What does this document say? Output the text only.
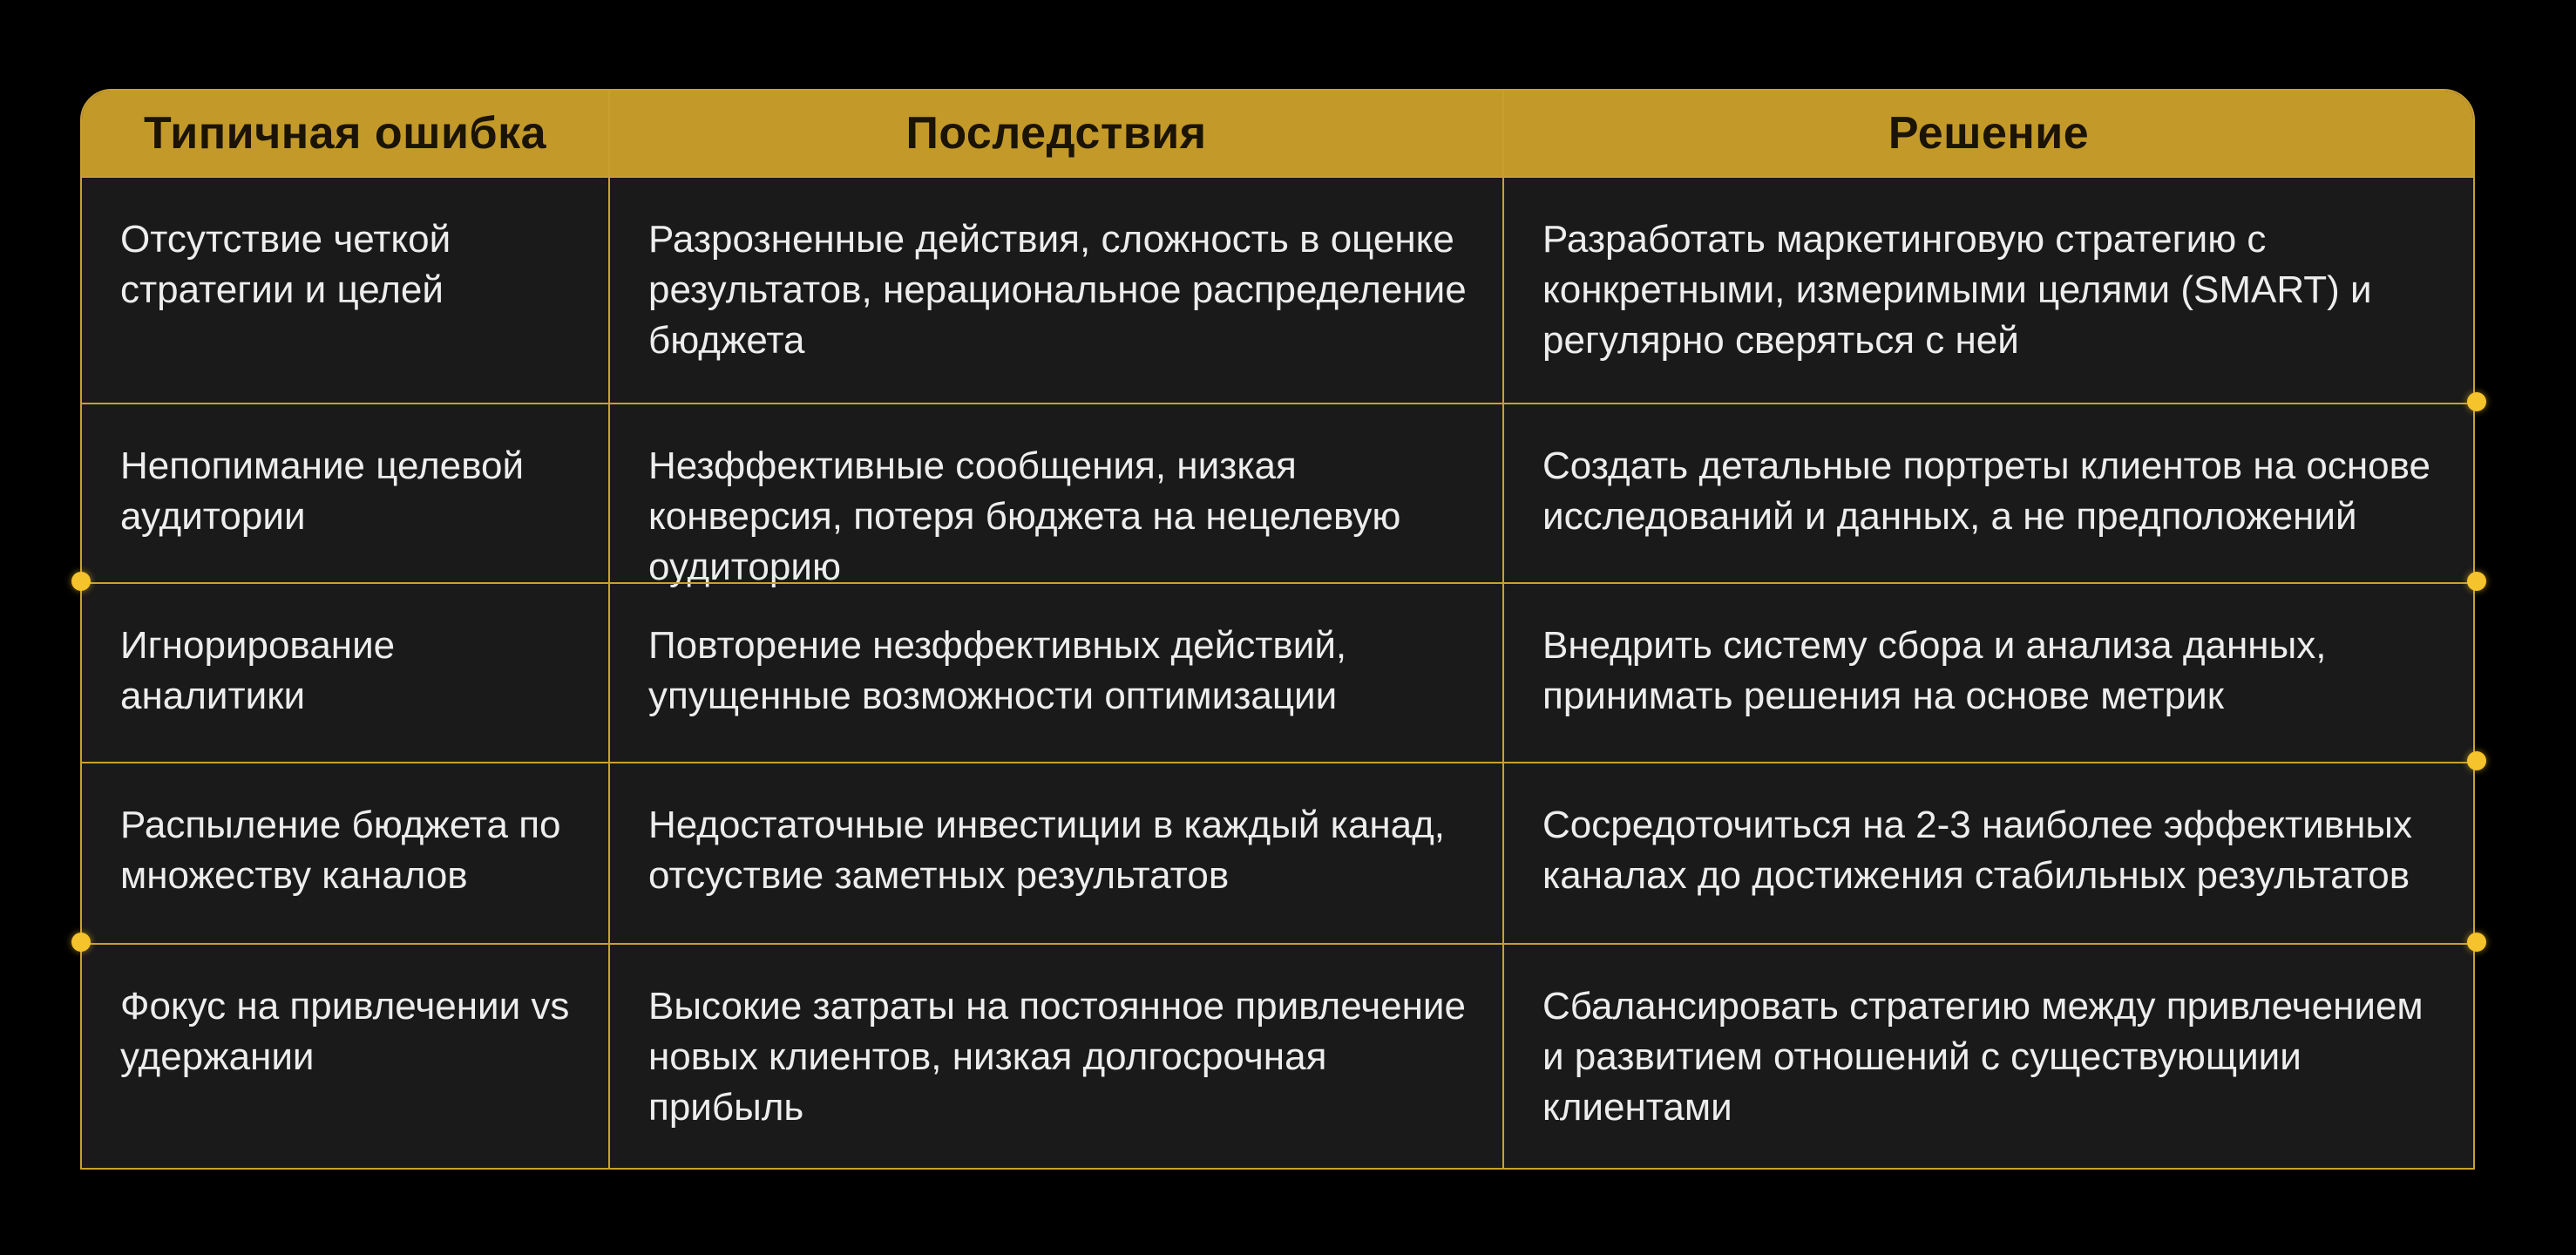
Типичная ошибка	Последствия	Решение
Отсутствие четкой стратегии и целей
Разрозненные действия, сложность в оценке результатов, нерациональное распределение бюджета
Разработать маркетинговую стратегию с конкретными, измеримыми целями (SMART) и регулярно сверяться с ней
Непопимание целевой аудитории
Незффективные сообщения, низкая конверсия, потеря бюджета на нецелевую оудиторию
Создать детальные портреты клиентов на основе исследований и данных, а не предположений
Игнорирование аналитики
Повторение незффективных действий, упущенные возможности оптимизации
Внедрить систему сбора и анализа данных, принимать решения на основе метрик
Распыление бюджета по множеству каналов
Недостаточные инвестиции в каждый канад, отсуствие заметных результатов
Сосредоточиться на 2-3 наиболее эффективных каналах до достижения стабильных результатов
Фокус на привлечении vs удержании
Высокие затраты на постоянное привлечение новых клиентов, низкая долгосрочная прибыль
Сбалансировать стратегию между привлечением и развитием отношений с существующиии клиентами
